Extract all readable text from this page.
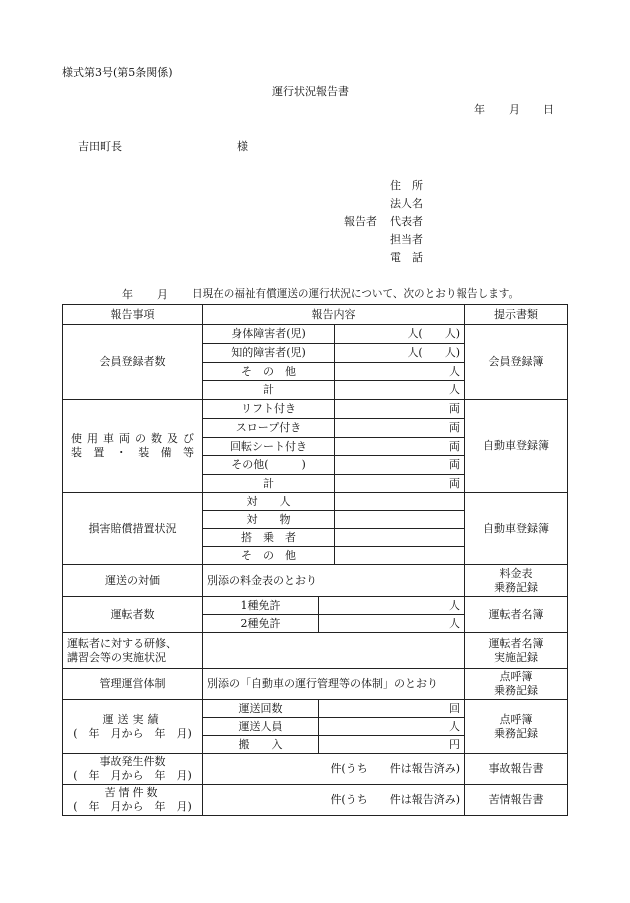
様式第3号(第5条関係)
運行状況報告書
年 月 日
吉田町長	様
住　所
法人名
報告者 代表者
担当者
電　話
年 月 日現在の福祉有償運送の運行状況について、次のとおり報告します。
報告事項	報告内容			提示書類
会員登録者数	身体障害者(児)		人(　　人)	会員登録簿
	知的障害者(児)		人(　　人)	
	そ　の　他		人	
	計		人	

使用車両の数及び
装置・装備等	リフト付き		両	自動車登録簿
	スロープ付き		両	
	回転シート付き		両	
	その他(　　　)		両	
	計		両	
損害賠償措置状況	対　　人			自動車登録簿
	対　　物			
	搭　乗　者			
	そ　の　他			
運送の対価	別添の料金表のとおり			料金表
乗務記録

運転者数	1種免許	人		運転者名簿
	2種免許	人		

運転者に対する研修、
講習会等の実施状況				運転者名簿
実施記録

管理運営体制	別添の「自動車の運行管理等の体制」のとおり			点呼簿
乗務記録

運送実績
(　年　月から　年　月)	運送回数	回		点呼簿
乗務記録

	運送人員	人		
	搬　　入	円		

事故発生件数
(　年　月から　年　月)	件(うち　　件は報告済み)			事故報告書

苦情件数
(　年　月から　年　月)	件(うち　　件は報告済み)			苦情報告書
